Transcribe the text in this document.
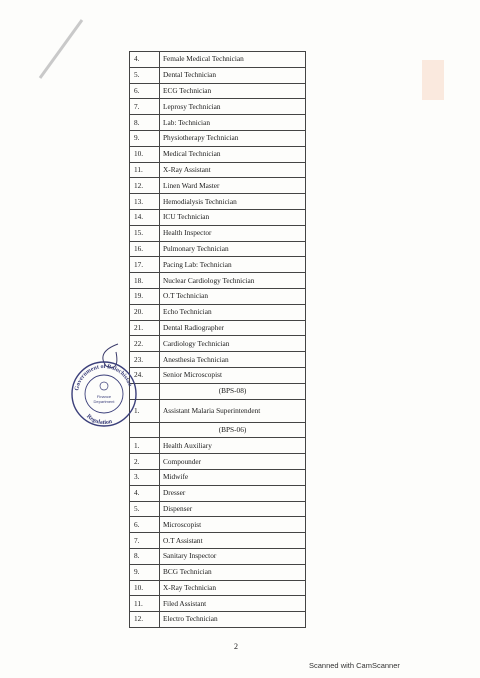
4.	Female Medical Technician
5.	Dental Technician
6.	ECG Technician
7.	Leprosy Technician
8.	Lab: Technician
9.	Physiotherapy Technician
10.	Medical Technician
11.	X-Ray Assistant
12.	Linen Ward Master
13.	Hemodialysis Technician
14.	ICU Technician
15.	Health Inspector
16.	Pulmonary Technician
17.	Pacing Lab: Technician
18.	Nuclear Cardiology Technician
19.	O.T Technician
20.	Echo Technician
21.	Dental Radiographer
22.	Cardiology Technician
23.	Anesthesia Technician
24.	Senior Microscopist
	(BPS-08)
1.	Assistant Malaria Superintendent
	(BPS-06)
1.	Health Auxiliary
2.	Compounder
3.	Midwife
4.	Dresser
5.	Dispenser
6.	Microscopist
7.	O.T Assistant
8.	Sanitary Inspector
9.	BCG Technician
10.	X-Ray Technician
11.	Filed Assistant
12.	Electro Technician
Government of Balochistan
Regulation
Finance
Department
2
Scanned with CamScanner
